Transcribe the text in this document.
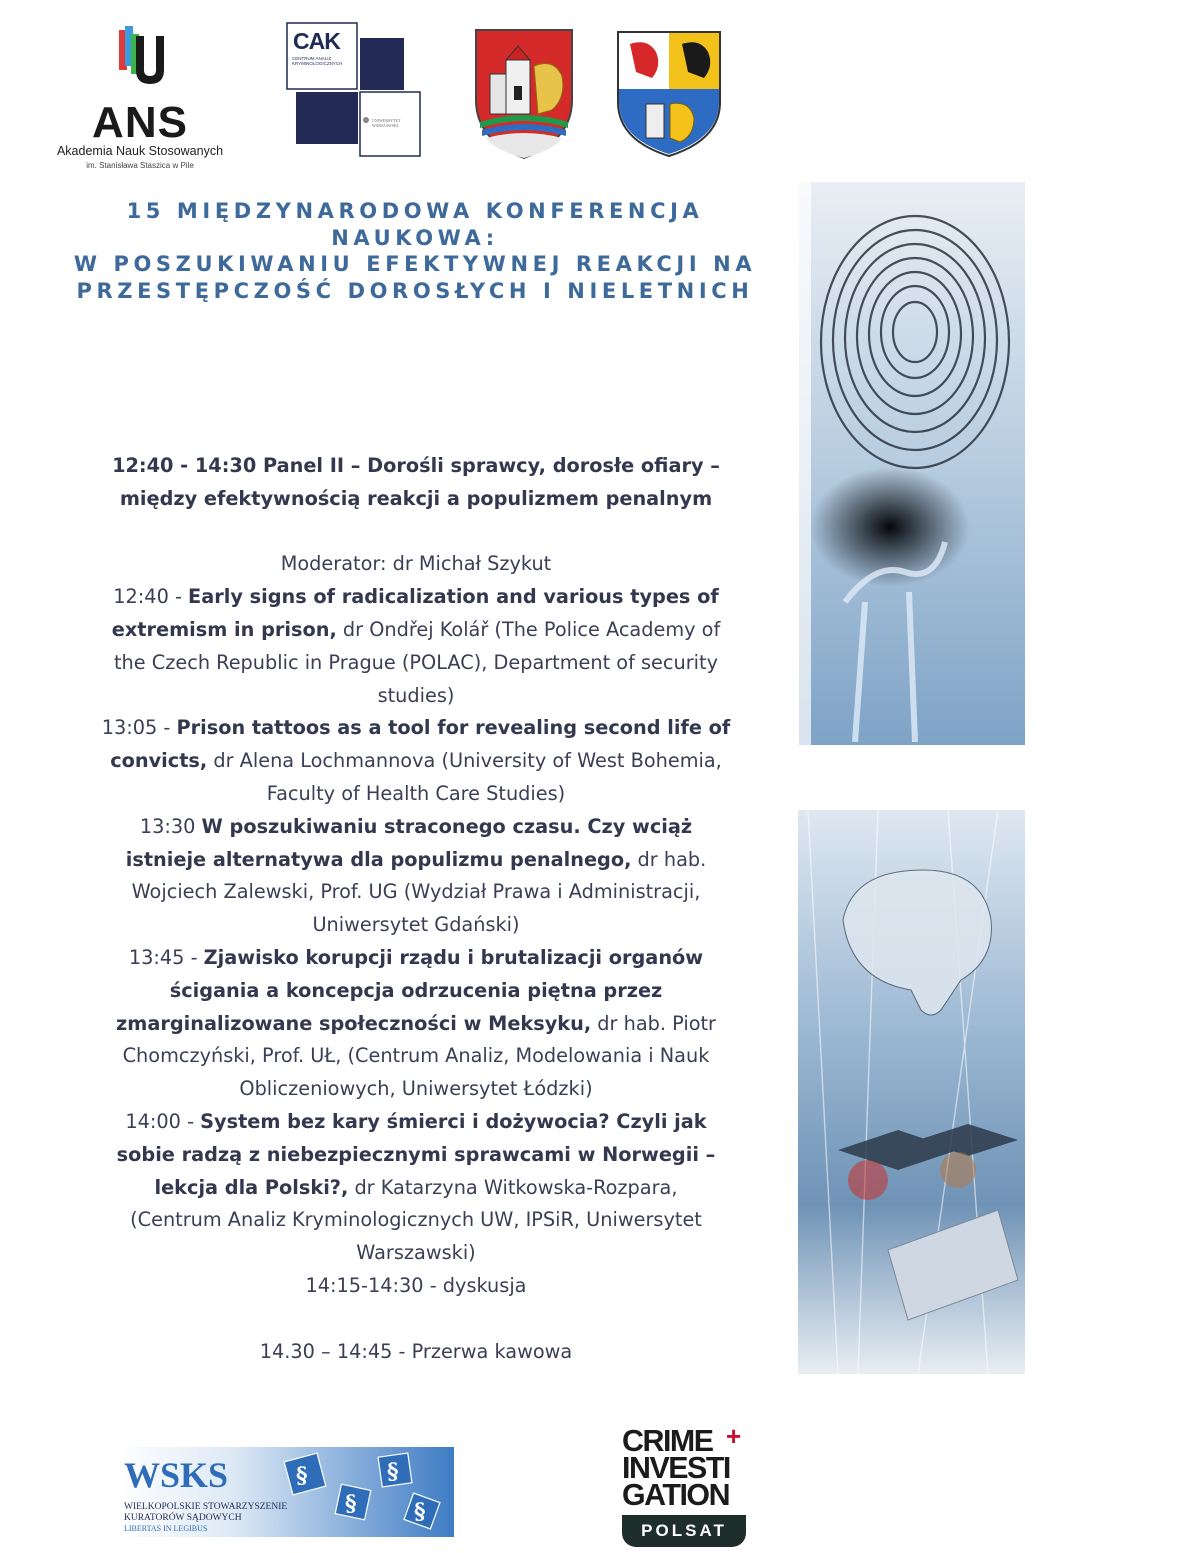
ANS
Akademia Nauk Stosowanych
im. Stanisława Staszica w Pile
CAK
CENTRUM ANALIZ KRYMINOLOGICZNYCH
UNIWERSYTET WARSZAWSKI
15 MIĘDZYNARODOWA KONFERENCJA
NAUKOWA:
W POSZUKIWANIU EFEKTYWNEJ REAKCJI NA
PRZESTĘPCZOŚĆ DOROSŁYCH I NIELETNICH
12:40 - 14:30 Panel II – Dorośli sprawcy, dorosłe ofiary –
między efektywnością reakcji a populizmem penalnym
Moderator: dr Michał Szykut
12:40 - Early signs of radicalization and various types of
extremism in prison, dr Ondřej Kolář (The Police Academy of
the Czech Republic in Prague (POLAC), Department of security
studies)
13:05 - Prison tattoos as a tool for revealing second life of
convicts, dr Alena Lochmannova (University of West Bohemia,
Faculty of Health Care Studies)
13:30 W poszukiwaniu straconego czasu. Czy wciąż
istnieje alternatywa dla populizmu penalnego, dr hab.
Wojciech Zalewski, Prof. UG (Wydział Prawa i Administracji,
Uniwersytet Gdański)
13:45 - Zjawisko korupcji rządu i brutalizacji organów
ścigania a koncepcja odrzucenia piętna przez
zmarginalizowane społeczności w Meksyku, dr hab. Piotr
Chomczyński, Prof. UŁ, (Centrum Analiz, Modelowania i Nauk
Obliczeniowych, Uniwersytet Łódzki)
14:00 - System bez kary śmierci i dożywocia? Czyli jak
sobie radzą z niebezpiecznymi sprawcami w Norwegii –
lekcja dla Polski?, dr Katarzyna Witkowska-Rozpara,
(Centrum Analiz Kryminologicznych UW, IPSiR, Uniwersytet
Warszawski)
14:15-14:30 - dyskusja
14.30 – 14:45 - Przerwa kawowa
§
§
§
§
WSKS
WIELKOPOLSKIE STOWARZYSZENIE
KURATORÓW SĄDOWYCH
LIBERTAS IN LEGIBUS
CRIME +
INVESTI
GATION
POLSAT
